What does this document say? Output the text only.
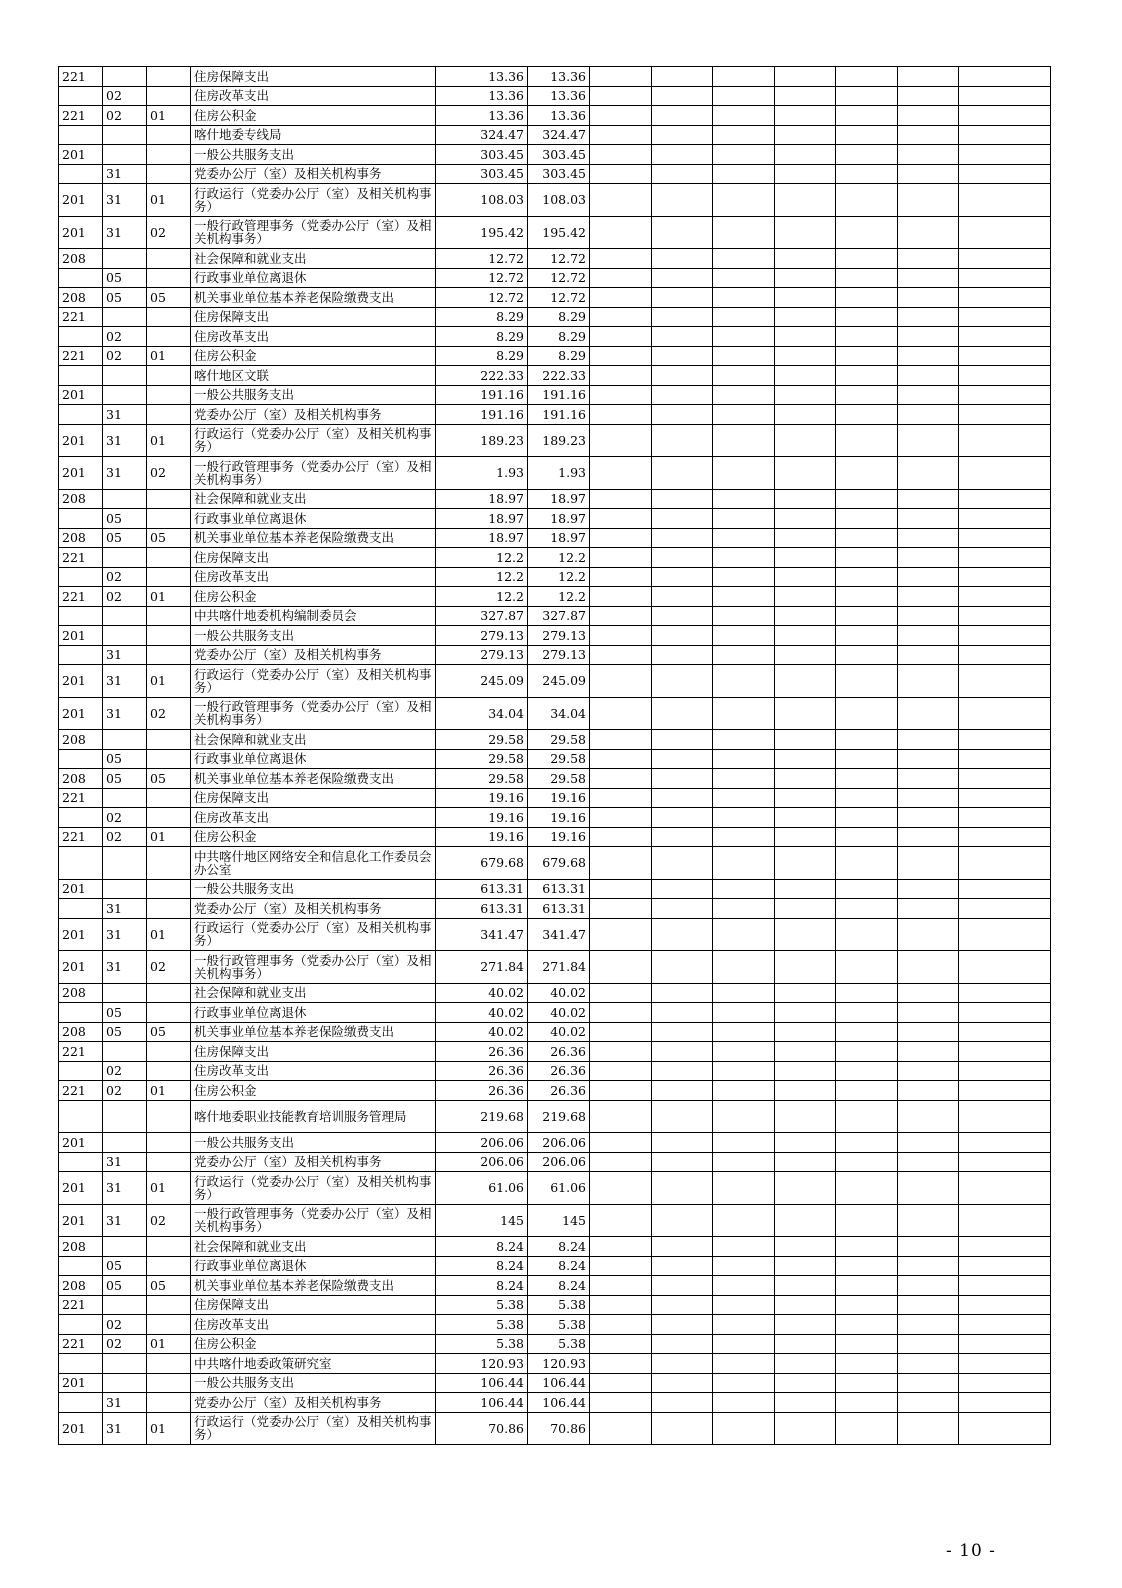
221			住房保障支出	13.36	13.36							
	02		住房改革支出	13.36	13.36							
221	02	01	住房公积金	13.36	13.36							
			喀什地委专线局	324.47	324.47							
201			一般公共服务支出	303.45	303.45							
	31		党委办公厅（室）及相关机构事务	303.45	303.45							
201	31	01	行政运行（党委办公厅（室）及相关机构事务）	108.03	108.03							
201	31	02	一般行政管理事务（党委办公厅（室）及相关机构事务）	195.42	195.42							
208			社会保障和就业支出	12.72	12.72							
	05		行政事业单位离退休	12.72	12.72							
208	05	05	机关事业单位基本养老保险缴费支出	12.72	12.72							
221			住房保障支出	8.29	8.29							
	02		住房改革支出	8.29	8.29							
221	02	01	住房公积金	8.29	8.29							
			喀什地区文联	222.33	222.33							
201			一般公共服务支出	191.16	191.16							
	31		党委办公厅（室）及相关机构事务	191.16	191.16							
201	31	01	行政运行（党委办公厅（室）及相关机构事务）	189.23	189.23							
201	31	02	一般行政管理事务（党委办公厅（室）及相关机构事务）	1.93	1.93							
208			社会保障和就业支出	18.97	18.97							
	05		行政事业单位离退休	18.97	18.97							
208	05	05	机关事业单位基本养老保险缴费支出	18.97	18.97							
221			住房保障支出	12.2	12.2							
	02		住房改革支出	12.2	12.2							
221	02	01	住房公积金	12.2	12.2							
			中共喀什地委机构编制委员会	327.87	327.87							
201			一般公共服务支出	279.13	279.13							
	31		党委办公厅（室）及相关机构事务	279.13	279.13							
201	31	01	行政运行（党委办公厅（室）及相关机构事务）	245.09	245.09							
201	31	02	一般行政管理事务（党委办公厅（室）及相关机构事务）	34.04	34.04							
208			社会保障和就业支出	29.58	29.58							
	05		行政事业单位离退休	29.58	29.58							
208	05	05	机关事业单位基本养老保险缴费支出	29.58	29.58							
221			住房保障支出	19.16	19.16							
	02		住房改革支出	19.16	19.16							
221	02	01	住房公积金	19.16	19.16							
			中共喀什地区网络安全和信息化工作委员会办公室	679.68	679.68							
201			一般公共服务支出	613.31	613.31							
	31		党委办公厅（室）及相关机构事务	613.31	613.31							
201	31	01	行政运行（党委办公厅（室）及相关机构事务）	341.47	341.47							
201	31	02	一般行政管理事务（党委办公厅（室）及相关机构事务）	271.84	271.84							
208			社会保障和就业支出	40.02	40.02							
	05		行政事业单位离退休	40.02	40.02							
208	05	05	机关事业单位基本养老保险缴费支出	40.02	40.02							
221			住房保障支出	26.36	26.36							
	02		住房改革支出	26.36	26.36							
221	02	01	住房公积金	26.36	26.36							
			喀什地委职业技能教育培训服务管理局	219.68	219.68							
201			一般公共服务支出	206.06	206.06							
	31		党委办公厅（室）及相关机构事务	206.06	206.06							
201	31	01	行政运行（党委办公厅（室）及相关机构事务）	61.06	61.06							
201	31	02	一般行政管理事务（党委办公厅（室）及相关机构事务）	145	145							
208			社会保障和就业支出	8.24	8.24							
	05		行政事业单位离退休	8.24	8.24							
208	05	05	机关事业单位基本养老保险缴费支出	8.24	8.24							
221			住房保障支出	5.38	5.38							
	02		住房改革支出	5.38	5.38							
221	02	01	住房公积金	5.38	5.38							
			中共喀什地委政策研究室	120.93	120.93							
201			一般公共服务支出	106.44	106.44							
	31		党委办公厅（室）及相关机构事务	106.44	106.44							
201	31	01	行政运行（党委办公厅（室）及相关机构事务）	70.86	70.86							
- 10 -
